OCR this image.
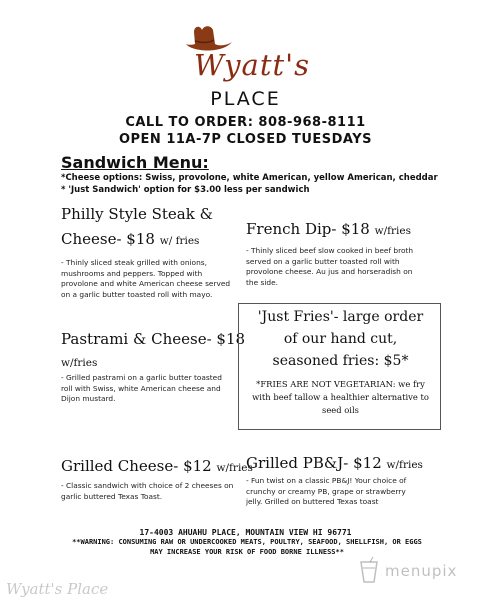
Wyatt's
PLACE
CALL TO ORDER: 808-968-8111
OPEN 11A-7P CLOSED TUESDAYS
Sandwich Menu:
*Cheese options: Swiss, provolone, white American, yellow American, cheddar
* 'Just Sandwich' option for $3.00 less per sandwich
Philly Style Steak &
Cheese- $18 w/ fries
- Thinly sliced steak grilled with onions,
mushrooms and peppers. Topped with
provolone and white American cheese served
on a garlic butter toasted roll with mayo.
French Dip- $18 w/fries
- Thinly sliced beef slow cooked in beef broth
served on a garlic butter toasted roll with
provolone cheese. Au jus and horseradish on
the side.
Pastrami & Cheese- $18
w/fries
- Grilled pastrami on a garlic butter toasted
roll with Swiss, white American cheese and
Dijon mustard.
'Just Fries'- large order
of our hand cut,
seasoned fries: $5*
*FRIES ARE NOT VEGETARIAN: we fry
with beef tallow a healthier alternative to
seed oils
Grilled Cheese- $12 w/fries
- Classic sandwich with choice of 2 cheeses on
garlic buttered Texas Toast.
Grilled PB&J- $12 w/fries
- Fun twist on a classic PB&J! Your choice of
crunchy or creamy PB, grape or strawberry
jelly. Grilled on buttered Texas toast
17-4003 AHUAHU PLACE, MOUNTAIN VIEW HI 96771
**WARNING: CONSUMING RAW OR UNDERCOOKED MEATS, POULTRY, SEAFOOD, SHELLFISH, OR EGGS
MAY INCREASE YOUR RISK OF FOOD BORNE ILLNESS**
Wyatt's Place
menupix
